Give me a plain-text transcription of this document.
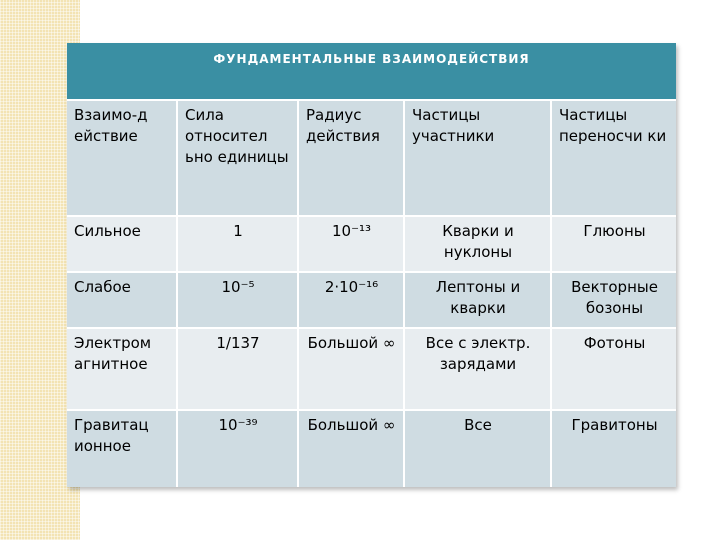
ФУНДАМЕНТАЛЬНЫЕ ВЗАИМОДЕЙСТВИЯ				
Взаимо-д ействие	Сила относител ьно единицы	Радиус действия	Частицы участники	Частицы переносчи ки
Сильное	1	10⁻¹³	Кварки и нуклоны	Глюоны
Слабое	10⁻⁵	2·10⁻¹⁶	Лептоны и кварки	Векторные бозоны
Электром агнитное	1/137	Большой ∞	Все с электр. зарядами	Фотоны
Гравитац ионное	10⁻³⁹	Большой ∞	Все	Гравитоны
